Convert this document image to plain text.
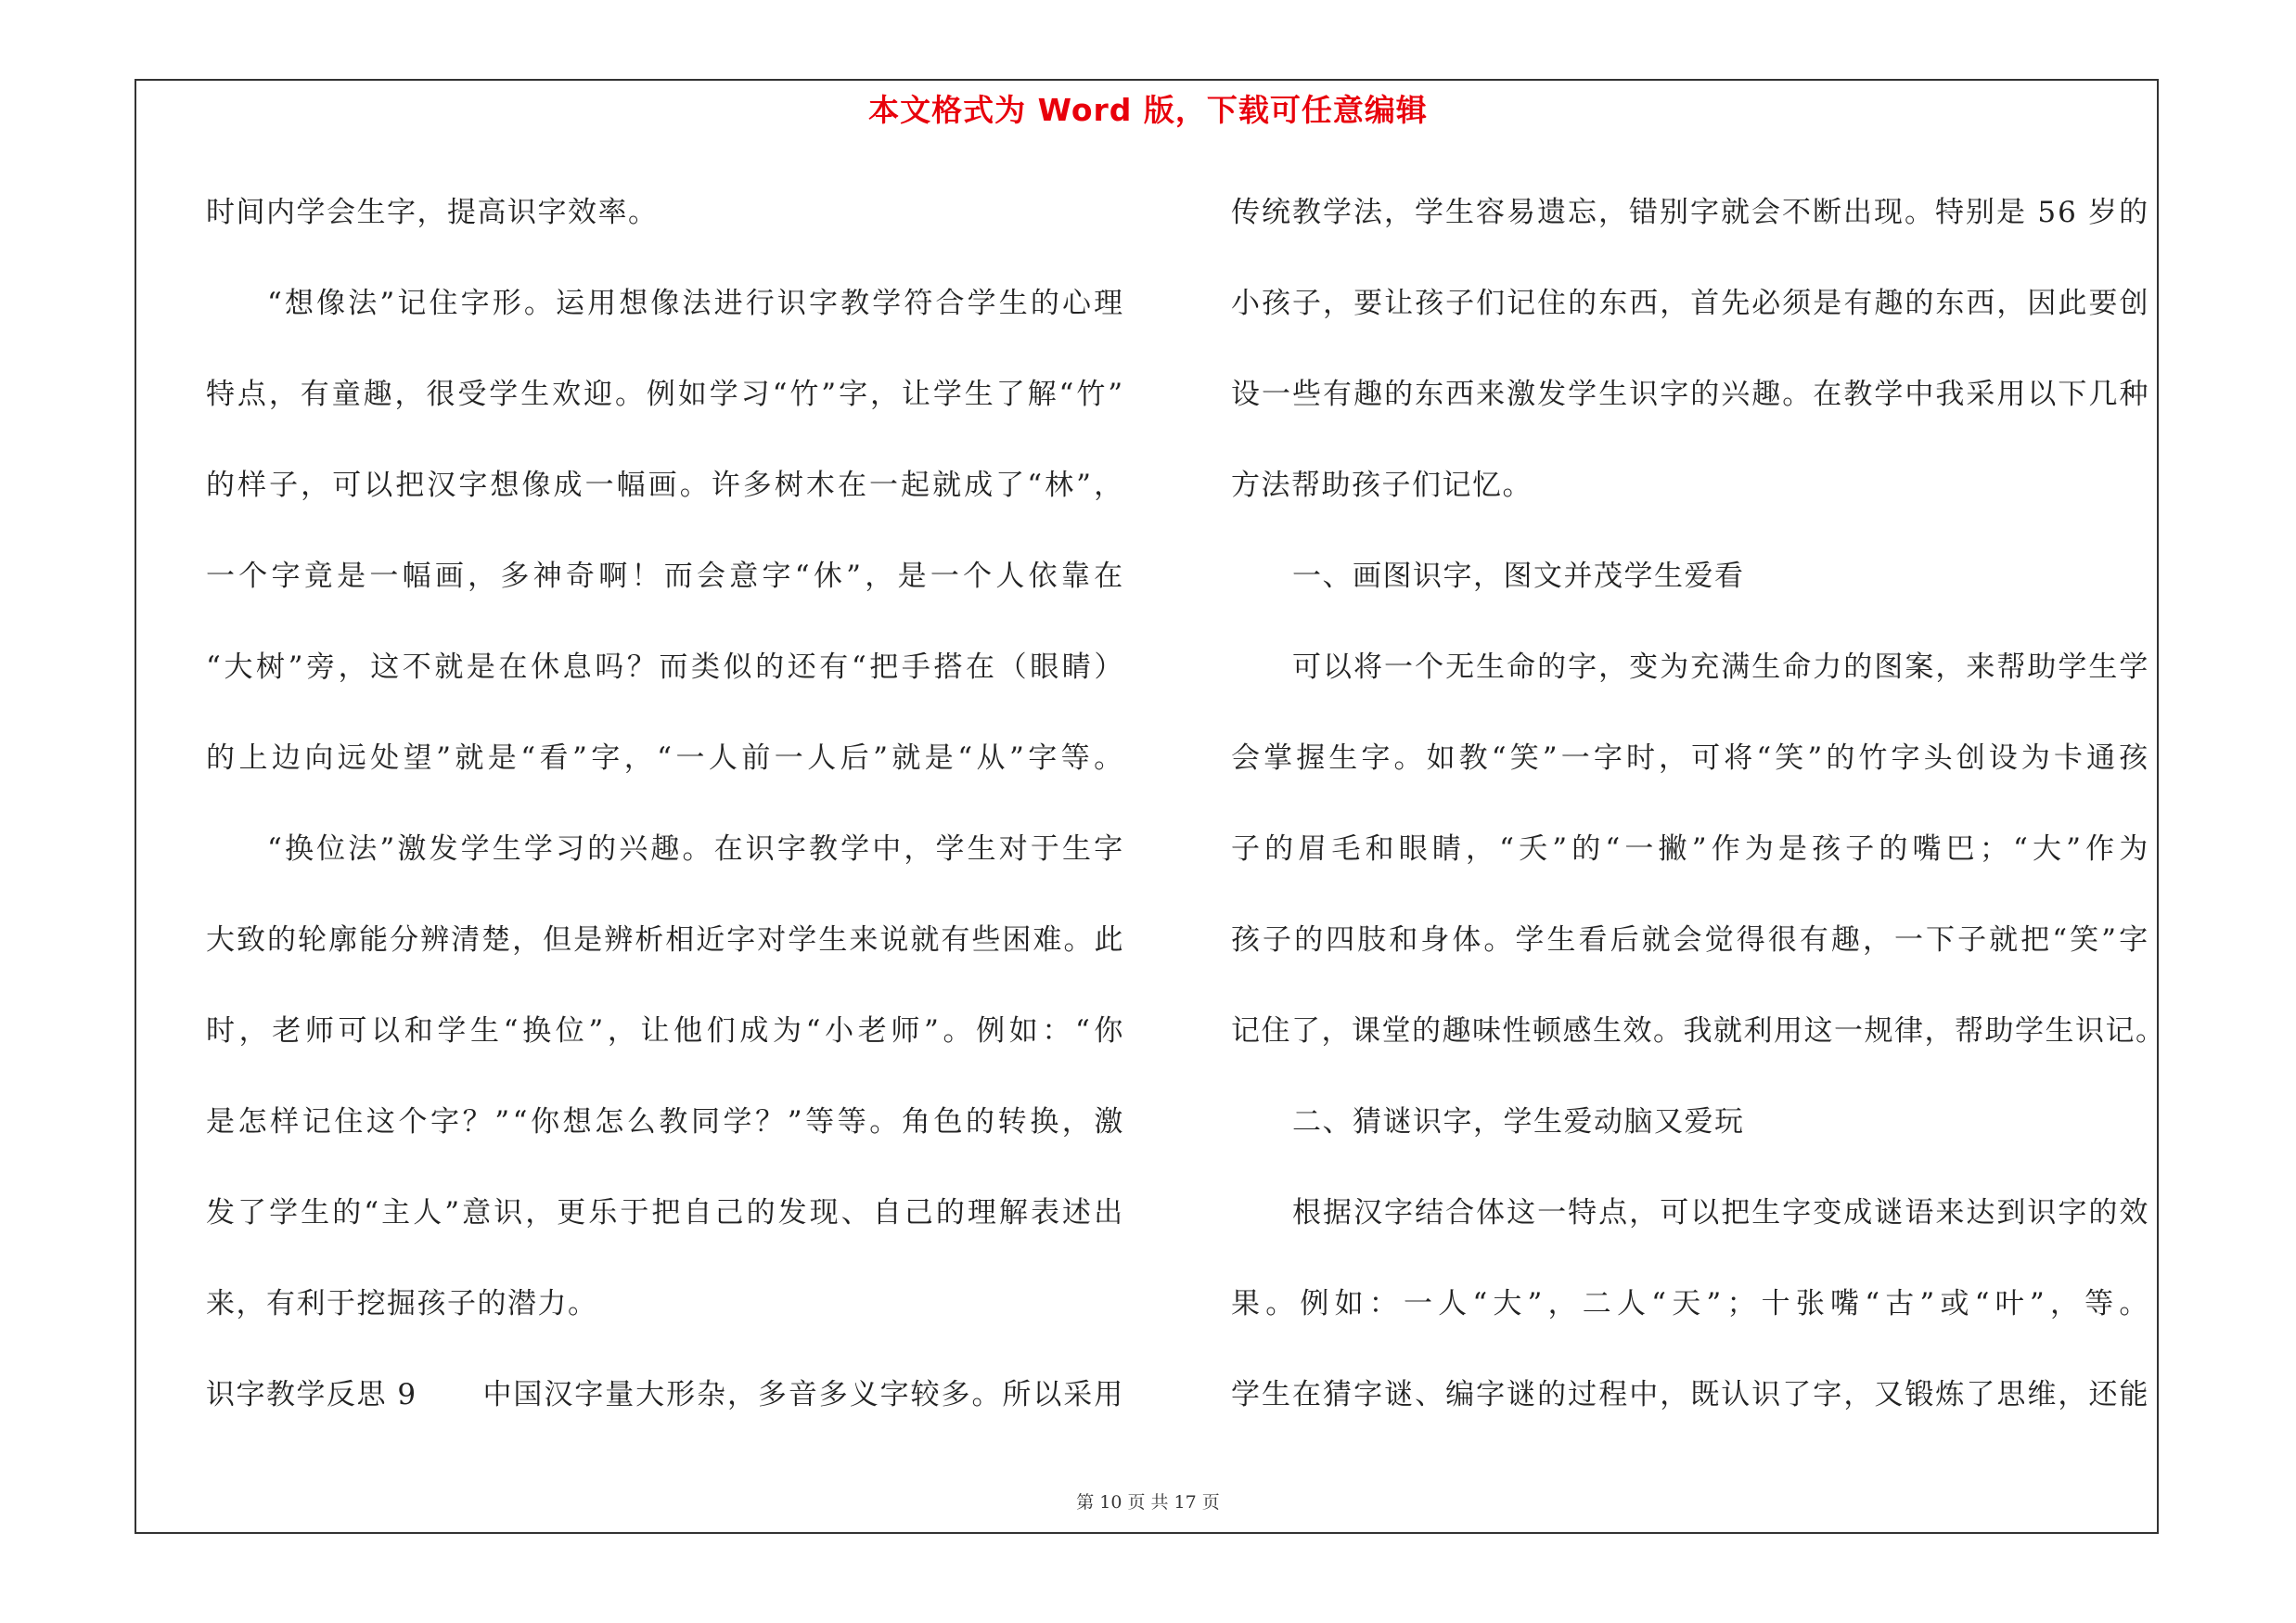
本文格式为 Word 版，下载可任意编辑
时间内学会生字，提高识字效率。
“ 想 像 法 ” 记 住 字 形 。 运 用 想 像 法 进 行 识 字 教 学 符 合 学 生 的 心 理
特 点 ， 有 童 趣 ， 很 受 学 生 欢 迎 。 例 如 学 习 “ 竹 ” 字 ， 让 学 生 了 解 “ 竹 ”
的 样 子 ， 可 以 把 汉 字 想 像 成 一 幅 画 。 许 多 树 木 在 一 起 就 成 了 “ 林 ” ，
一 个 字 竟 是 一 幅 画 ， 多 神 奇 啊 ！ 而 会 意 字 “ 休 ” ， 是 一 个 人 依 靠 在
“ 大 树 ” 旁 ， 这 不 就 是 在 休 息 吗 ？ 而 类 似 的 还 有 “ 把 手 搭 在 （ 眼 睛 ）
的 上 边 向 远 处 望 ” 就 是 “ 看 ” 字 ， “ 一 人 前 一 人 后 ” 就 是 “ 从 ” 字 等 。
“ 换 位 法 ” 激 发 学 生 学 习 的 兴 趣 。 在 识 字 教 学 中 ， 学 生 对 于 生 字
大 致 的 轮 廓 能 分 辨 清 楚 ， 但 是 辨 析 相 近 字 对 学 生 来 说 就 有 些 困 难 。 此
时 ， 老 师 可 以 和 学 生 “ 换 位 ” ， 让 他 们 成 为 “ 小 老 师 ” 。 例 如 ： “ 你
是 怎 样 记 住 这 个 字 ？ ” “ 你 想 怎 么 教 同 学 ？ ” 等 等 。 角 色 的 转 换 ， 激
发 了 学 生 的 “ 主 人 ” 意 识 ， 更 乐 于 把 自 己 的 发 现 、 自 己 的 理 解 表 述 出
来，有利于挖掘孩子的潜力。
识字教学反思 9 中 国 汉 字 量 大 形 杂 ， 多 音 多 义 字 较 多 。 所 以 采 用
传 统 教 学 法 ， 学 生 容 易 遗 忘 ， 错 别 字 就 会 不 断 出 现 。 特 别 是 5 6 岁 的
小 孩 子 ， 要 让 孩 子 们 记 住 的 东 西 ， 首 先 必 须 是 有 趣 的 东 西 ， 因 此 要 创
设 一 些 有 趣 的 东 西 来 激 发 学 生 识 字 的 兴 趣 。 在 教 学 中 我 采 用 以 下 几 种
方法帮助孩子们记忆。
一、画图识字，图文并茂学生爱看
可 以 将 一 个 无 生 命 的 字 ， 变 为 充 满 生 命 力 的 图 案 ， 来 帮 助 学 生 学
会 掌 握 生 字 。 如 教 “ 笑 ” 一 字 时 ， 可 将 “ 笑 ” 的 竹 字 头 创 设 为 卡 通 孩
子 的 眉 毛 和 眼 睛 ， “ 夭 ” 的 “ 一 撇 ” 作 为 是 孩 子 的 嘴 巴 ； “ 大 ” 作 为
孩 子 的 四 肢 和 身 体 。 学 生 看 后 就 会 觉 得 很 有 趣 ， 一 下 子 就 把 “ 笑 ” 字
记 住 了 ， 课 堂 的 趣 味 性 顿 感 生 效 。 我 就 利 用 这 一 规 律 ， 帮 助 学 生 识 记 。
二、猜谜识字，学生爱动脑又爱玩
根 据 汉 字 结 合 体 这 一 特 点 ， 可 以 把 生 字 变 成 谜 语 来 达 到 识 字 的 效
果 。 例 如 ： 一 人 “ 大 ” ， 二 人 “ 天 ” ； 十 张 嘴 “ 古 ” 或 “ 叶 ” ， 等 。
学 生 在 猜 字 谜 、 编 字 谜 的 过 程 中 ， 既 认 识 了 字 ， 又 锻 炼 了 思 维 ， 还 能
第 10 页 共 17 页
